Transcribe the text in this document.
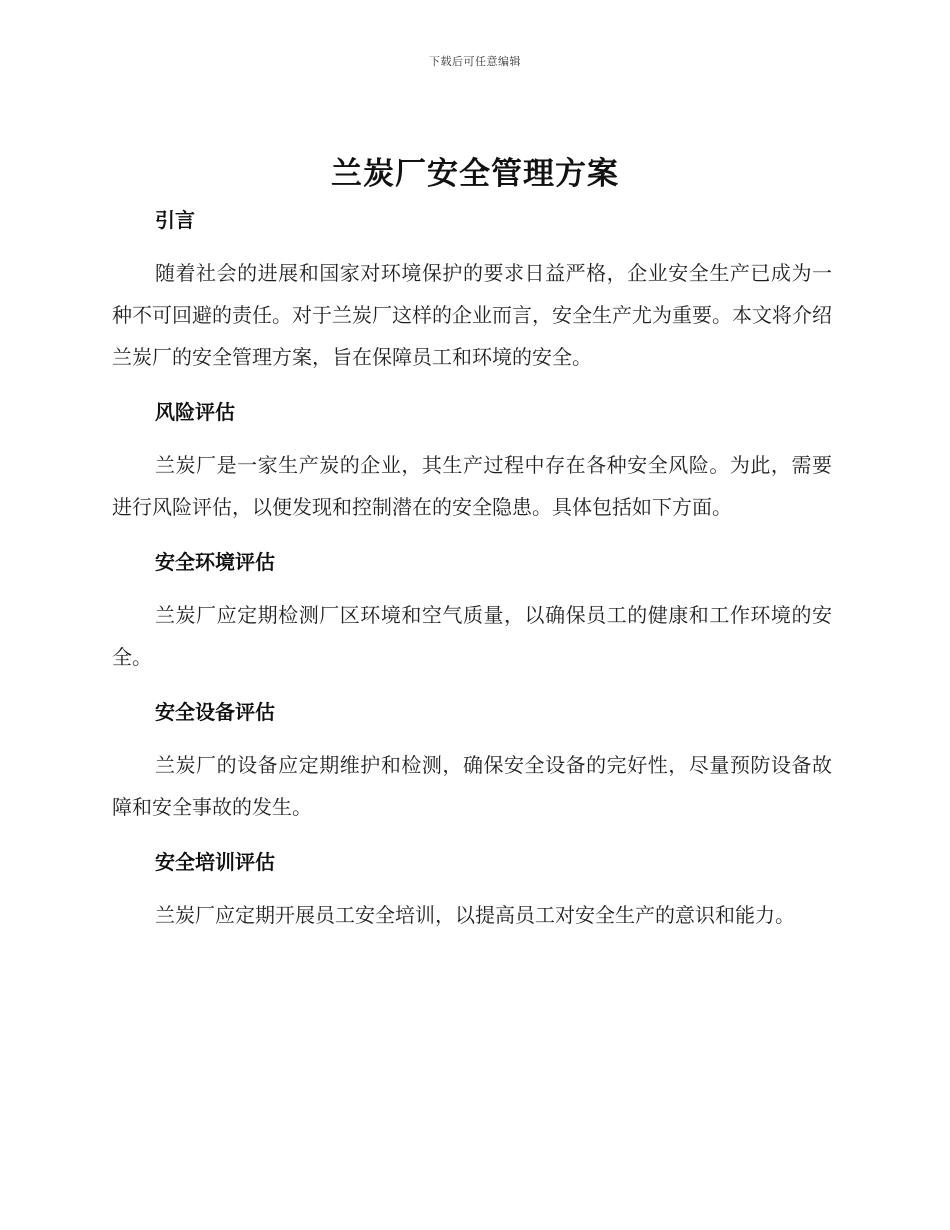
下载后可任意编辑
兰炭厂安全管理方案
引言

随着社会的进展和国家对环境保护的要求日益严格，企业安全生产已成为一种不可回避的责任。对于兰炭厂这样的企业而言，安全生产尤为重要。本文将介绍兰炭厂的安全管理方案，旨在保障员工和环境的安全。

风险评估

兰炭厂是一家生产炭的企业，其生产过程中存在各种安全风险。为此，需要进行风险评估，以便发现和控制潜在的安全隐患。具体包括如下方面。

安全环境评估

兰炭厂应定期检测厂区环境和空气质量，以确保员工的健康和工作环境的安全。

安全设备评估

兰炭厂的设备应定期维护和检测，确保安全设备的完好性，尽量预防设备故障和安全事故的发生。

安全培训评估

兰炭厂应定期开展员工安全培训，以提高员工对安全生产的意识和能力。
